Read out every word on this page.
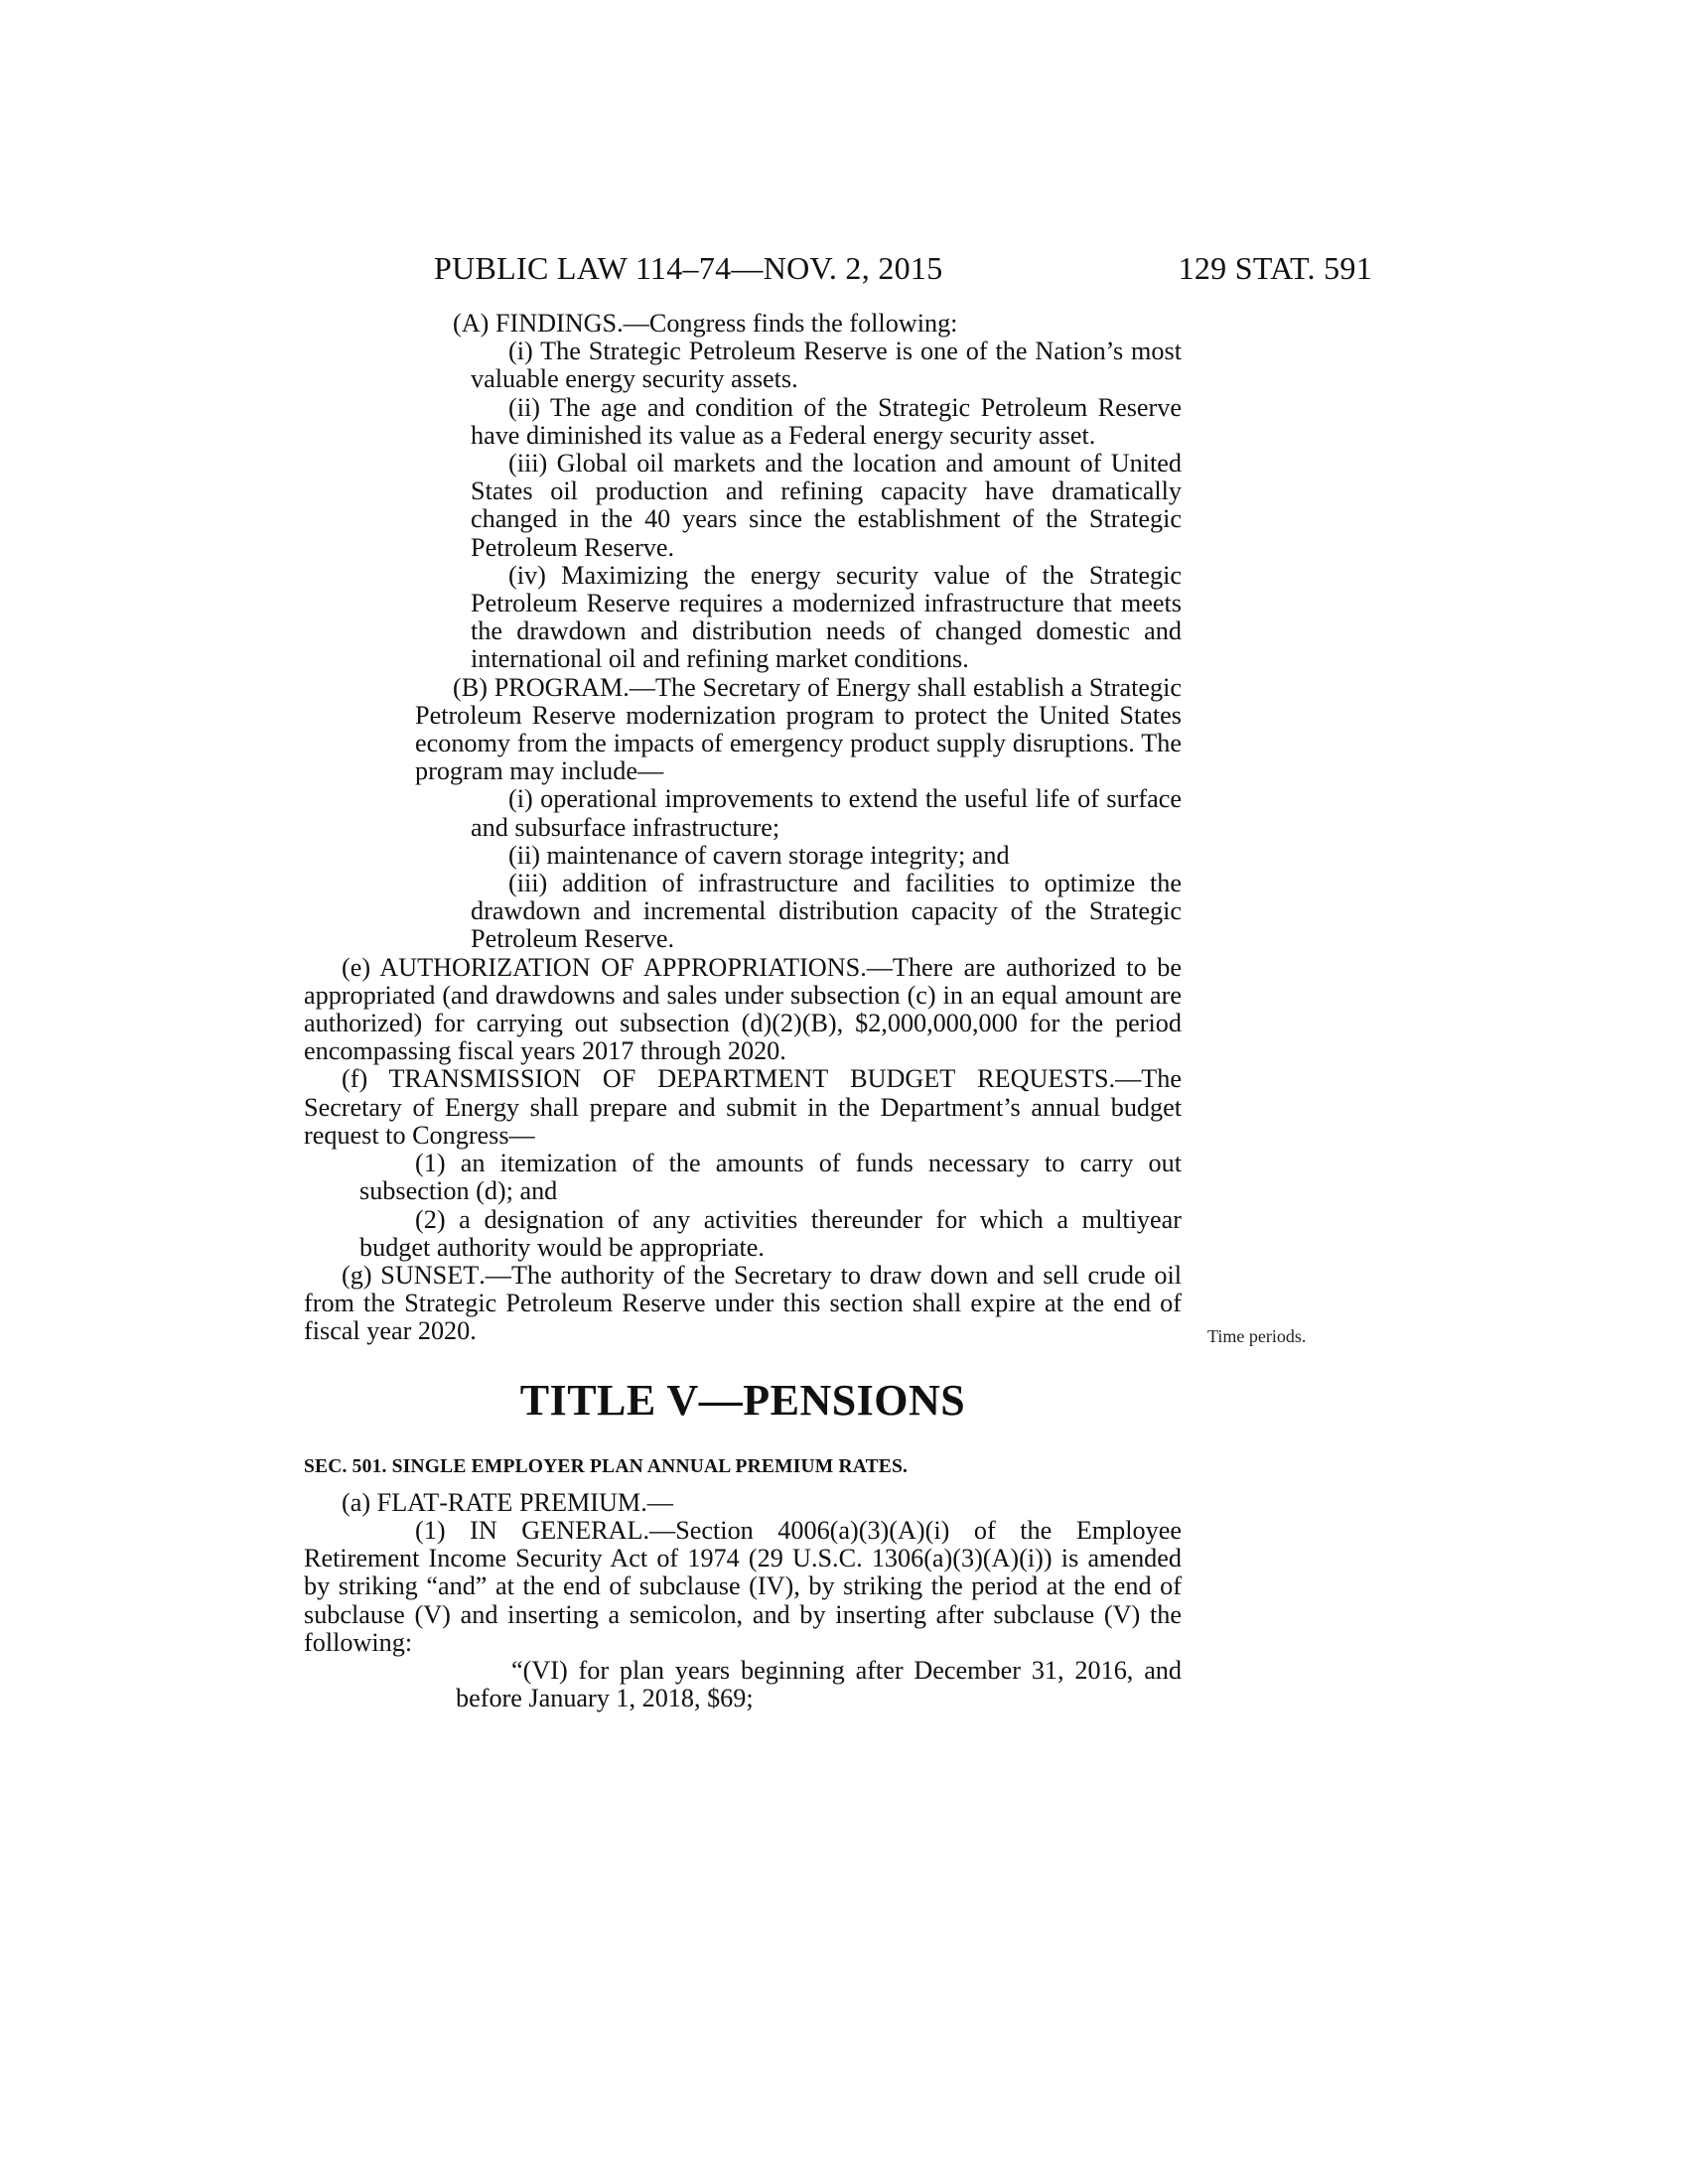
PUBLIC LAW 114–74—NOV. 2, 2015	129 STAT. 591

(A) FINDINGS.—Congress finds the following:

(i) The Strategic Petroleum Reserve is one of the Nation’s most valuable energy security assets.

(ii) The age and condition of the Strategic Petroleum Reserve have diminished its value as a Federal energy security asset.

(iii) Global oil markets and the location and amount of United States oil production and refining capacity have dramatically changed in the 40 years since the establishment of the Strategic Petroleum Reserve.

(iv) Maximizing the energy security value of the Strategic Petroleum Reserve requires a modernized infrastructure that meets the drawdown and distribution needs of changed domestic and international oil and refining market conditions.

(B) PROGRAM.—The Secretary of Energy shall establish a Strategic Petroleum Reserve modernization program to protect the United States economy from the impacts of emergency product supply disruptions. The program may include—

(i) operational improvements to extend the useful life of surface and subsurface infrastructure;

(ii) maintenance of cavern storage integrity; and

(iii) addition of infrastructure and facilities to optimize the drawdown and incremental distribution capacity of the Strategic Petroleum Reserve.

(e) AUTHORIZATION OF APPROPRIATIONS.—There are authorized to be appropriated (and drawdowns and sales under subsection (c) in an equal amount are authorized) for carrying out subsection (d)(2)(B), $2,000,000,000 for the period encompassing fiscal years 2017 through 2020.

(f) TRANSMISSION OF DEPARTMENT BUDGET REQUESTS.—The Secretary of Energy shall prepare and submit in the Department’s annual budget request to Congress—

(1) an itemization of the amounts of funds necessary to carry out subsection (d); and

(2) a designation of any activities thereunder for which a multiyear budget authority would be appropriate.

(g) SUNSET.—The authority of the Secretary to draw down and sell crude oil from the Strategic Petroleum Reserve under this section shall expire at the end of fiscal year 2020.

TITLE V—PENSIONS

SEC. 501. SINGLE EMPLOYER PLAN ANNUAL PREMIUM RATES.

(a) FLAT-RATE PREMIUM.—

(1) IN GENERAL.—Section 4006(a)(3)(A)(i) of the Employee Retirement Income Security Act of 1974 (29 U.S.C. 1306(a)(3)(A)(i)) is amended by striking “and” at the end of subclause (IV), by striking the period at the end of subclause (V) and inserting a semicolon, and by inserting after subclause (V) the following:

“(VI) for plan years beginning after December 31, 2016, and before January 1, 2018, $69;

Time periods.
